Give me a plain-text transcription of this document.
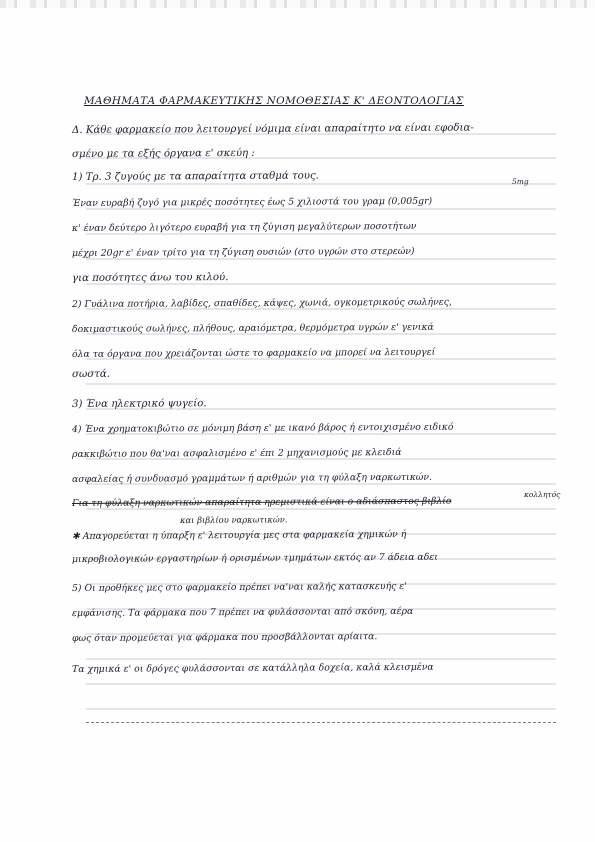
ΜΑΘΗΜΑΤΑ ΦΑΡΜΑΚΕΥΤΙΚΗΣ ΝΟΜΟΘΕΣΙΑΣ Κ' ΔΕΟΝΤΟΛΟΓΙΑΣ
Δ. Κάθε φαρμακείο που λειτουργεί νόμιμα είναι απαραίτητο να είναι εφοδια-
σμένο με τα εξής όργανα ε' σκεύη :
1) Τρ. 3 ζυγούς με τα απαραίτητα σταθμά τους.	5mg
Έναν ευραβή ζυγό για μικρές ποσότητες έως 5 χιλιοστά του γραμ (0,005gr)
κ' έναν δεύτερο λιγότερο ευραβή για τη ζύγιση μεγαλύτερων ποσοτήτων
μέχρι 20gr ε' έναν τρίτο για τη ζύγιση ουσιών (στο υγρών στο στερεών)
για ποσότητες άνω του κιλού.
2) Γυάλινα ποτήρια, λαβίδες, σπαθίδες, κάψες, χωνιά, ογκομετρικούς σωλήνες,
δοκιμαστικούς σωλήνες, πλήθους, αραιόμετρα, θερμόμετρα υγρών ε' γενικά
όλα τα όργανα που χρειάζονται ώστε το φαρμακείο να μπορεί να λειτουργεί
σωστά.
3) Ένα ηλεκτρικό ψυγείο.
4) Ένα χρηματοκιβώτιο σε μόνιμη βάση ε' με ικανό βάρος ή εντοιχισμένο ειδικό
ρακκιβώτιο που θα'ναι ασφαλισμένο ε' έπι 2 μηχανισμούς με κλειδιά
ασφαλείας ή συνδυασμό γραμμάτων ή αριθμών για τη φύλαξη ναρκωτικών.
Για τη φύλαξη ναρκωτικών απαραίτητα ηρεμιστικά είναι ο αδιάσπαστος βιβλίο
κολλητός
και βιβλίου ναρκωτικών.
✱ Απαγορεύεται η ύπαρξη ε' λειτουργία μες στα φαρμακεία χημικών ή
μικροβιολογικών εργαστηρίων ή ορισμένων τμημάτων εκτός αν 7 άδεια αδει
5) Οι προθήκες μες στο φαρμακείο πρέπει να'ναι καλής κατασκευής ε'
εμφάνισης. Τα φάρμακα που 7 πρέπει να φυλάσσονται από σκόνη, αέρα
φως όταν προμεύεται για φάρμακα που προσβάλλονται αρίαιτα.
Τα χημικά ε' οι δρόγες φυλάσσονται σε κατάλληλα δοχεία, καλά κλεισμένα
